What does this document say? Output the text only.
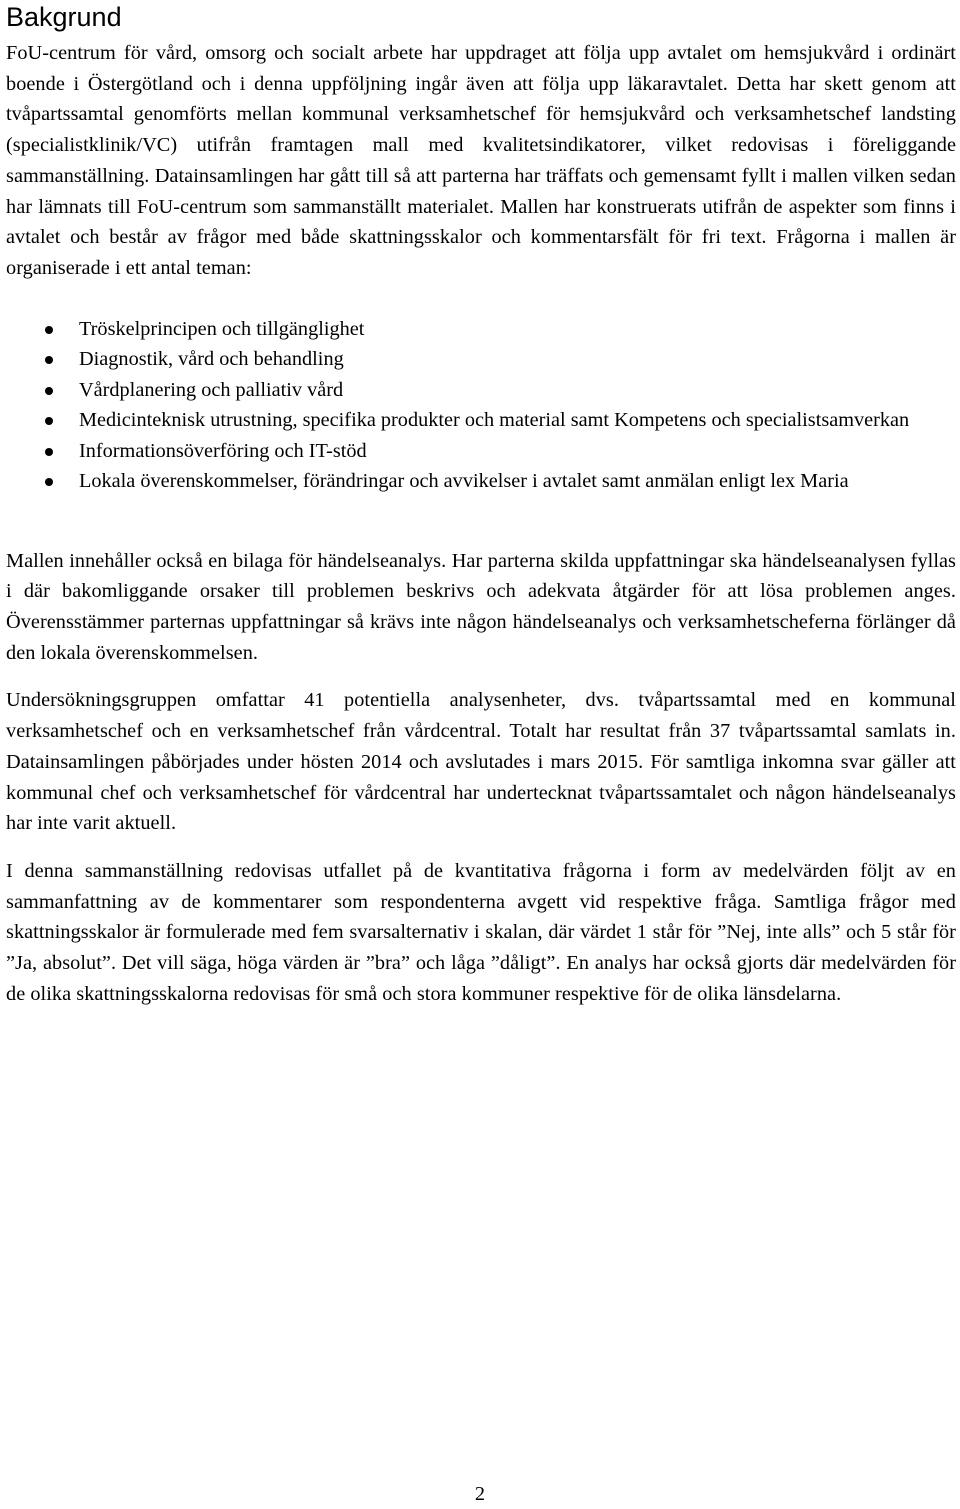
Bakgrund

FoU-centrum för vård, omsorg och socialt arbete har uppdraget att följa upp avtalet om hemsjukvård i ordinärt boende i Östergötland och i denna uppföljning ingår även att följa upp läkaravtalet. Detta har skett genom att tvåpartssamtal genomförts mellan kommunal verksamhetschef för hemsjukvård och verksamhetschef landsting (specialistklinik/VC) utifrån framtagen mall med kvalitetsindikatorer, vilket redovisas i föreliggande sammanställning. Datainsamlingen har gått till så att parterna har träffats och gemensamt fyllt i mallen vilken sedan har lämnats till FoU-centrum som sammanställt materialet. Mallen har konstruerats utifrån de aspekter som finns i avtalet och består av frågor med både skattningsskalor och kommentarsfält för fri text. Frågorna i mallen är organiserade i ett antal teman:

Tröskelprincipen och tillgänglighet
Diagnostik, vård och behandling
Vårdplanering och palliativ vård
Medicinteknisk utrustning, specifika produkter och material samt Kompetens och specialistsamverkan
Informationsöverföring och IT-stöd
Lokala överenskommelser, förändringar och avvikelser i avtalet samt anmälan enligt lex Maria

Mallen innehåller också en bilaga för händelseanalys. Har parterna skilda uppfattningar ska händelseanalysen fyllas i där bakomliggande orsaker till problemen beskrivs och adekvata åtgärder för att lösa problemen anges. Överensstämmer parternas uppfattningar så krävs inte någon händelseanalys och verksamhetscheferna förlänger då den lokala överenskommelsen.

Undersökningsgruppen omfattar 41 potentiella analysenheter, dvs. tvåpartssamtal med en kommunal verksamhetschef och en verksamhetschef från vårdcentral. Totalt har resultat från 37 tvåpartssamtal samlats in. Datainsamlingen påbörjades under hösten 2014 och avslutades i mars 2015. För samtliga inkomna svar gäller att kommunal chef och verksamhetschef för vårdcentral har undertecknat tvåpartssamtalet och någon händelseanalys har inte varit aktuell.

I denna sammanställning redovisas utfallet på de kvantitativa frågorna i form av medelvärden följt av en sammanfattning av de kommentarer som respondenterna avgett vid respektive fråga. Samtliga frågor med skattningsskalor är formulerade med fem svarsalternativ i skalan, där värdet 1 står för ”Nej, inte alls” och 5 står för ”Ja, absolut”. Det vill säga, höga värden är ”bra” och låga ”dåligt”. En analys har också gjorts där medelvärden för de olika skattningsskalorna redovisas för små och stora kommuner respektive för de olika länsdelarna.

2
